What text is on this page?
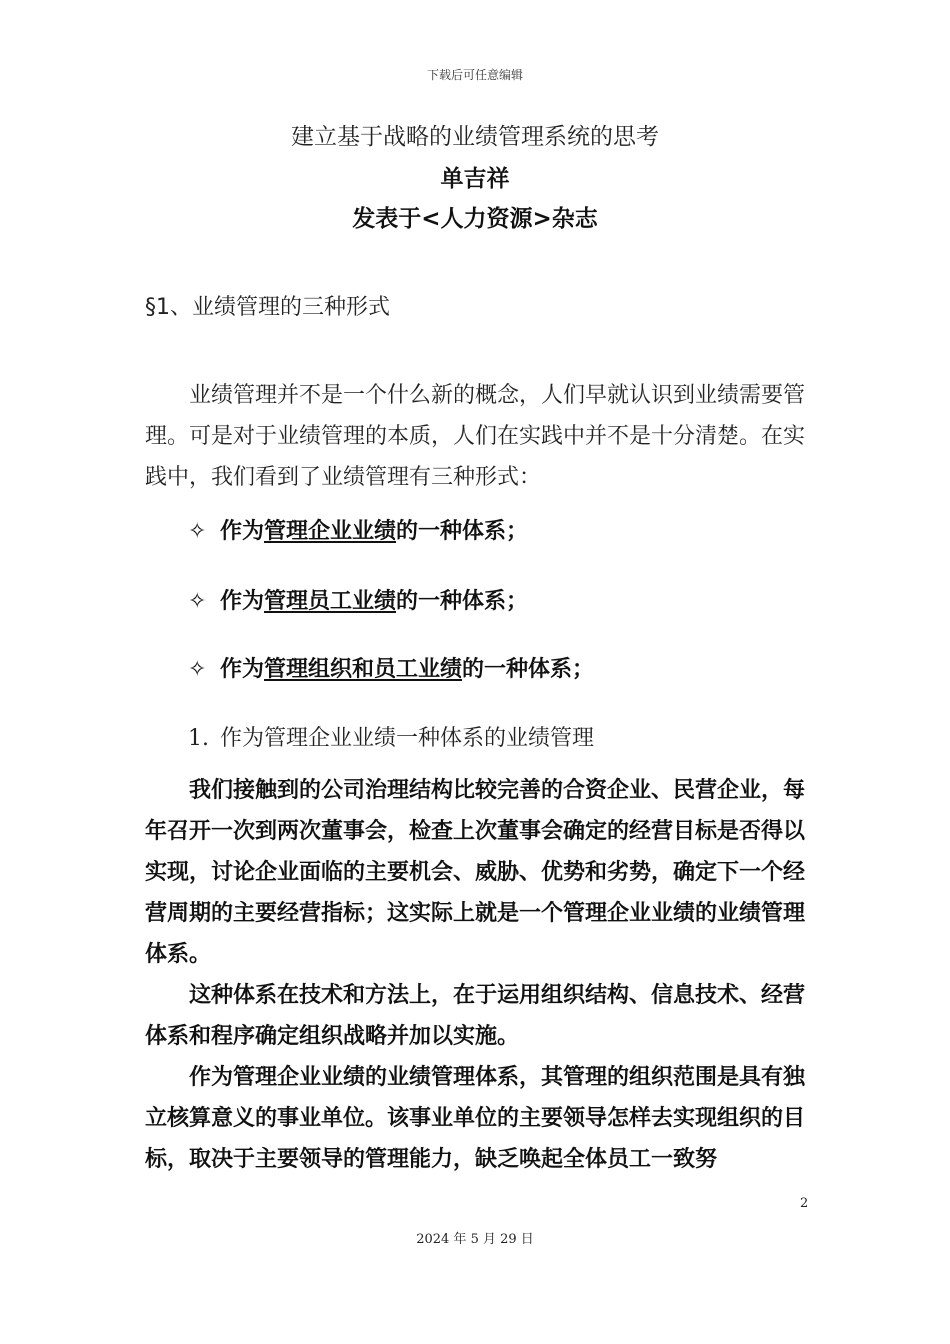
下载后可任意编辑
建立基于战略的业绩管理系统的思考
单吉祥
发表于<人力资源>杂志
§1、业绩管理的三种形式
业绩管理并不是一个什么新的概念，人们早就认识到业绩需要管理。可是对于业绩管理的本质，人们在实践中并不是十分清楚。在实践中，我们看到了业绩管理有三种形式：
✧ 作为管理企业业绩的一种体系；
✧ 作为管理员工业绩的一种体系；
✧ 作为管理组织和员工业绩的一种体系；
1. 作为管理企业业绩一种体系的业绩管理
我们接触到的公司治理结构比较完善的合资企业、民营企业，每年召开一次到两次董事会，检查上次董事会确定的经营目标是否得以实现，讨论企业面临的主要机会、威胁、优势和劣势，确定下一个经营周期的主要经营指标；这实际上就是一个管理企业业绩的业绩管理体系。
这种体系在技术和方法上，在于运用组织结构、信息技术、经营体系和程序确定组织战略并加以实施。
作为管理企业业绩的业绩管理体系，其管理的组织范围是具有独立核算意义的事业单位。该事业单位的主要领导怎样去实现组织的目标，取决于主要领导的管理能力，缺乏唤起全体员工一致努
2
2024 年 5 月 29 日
